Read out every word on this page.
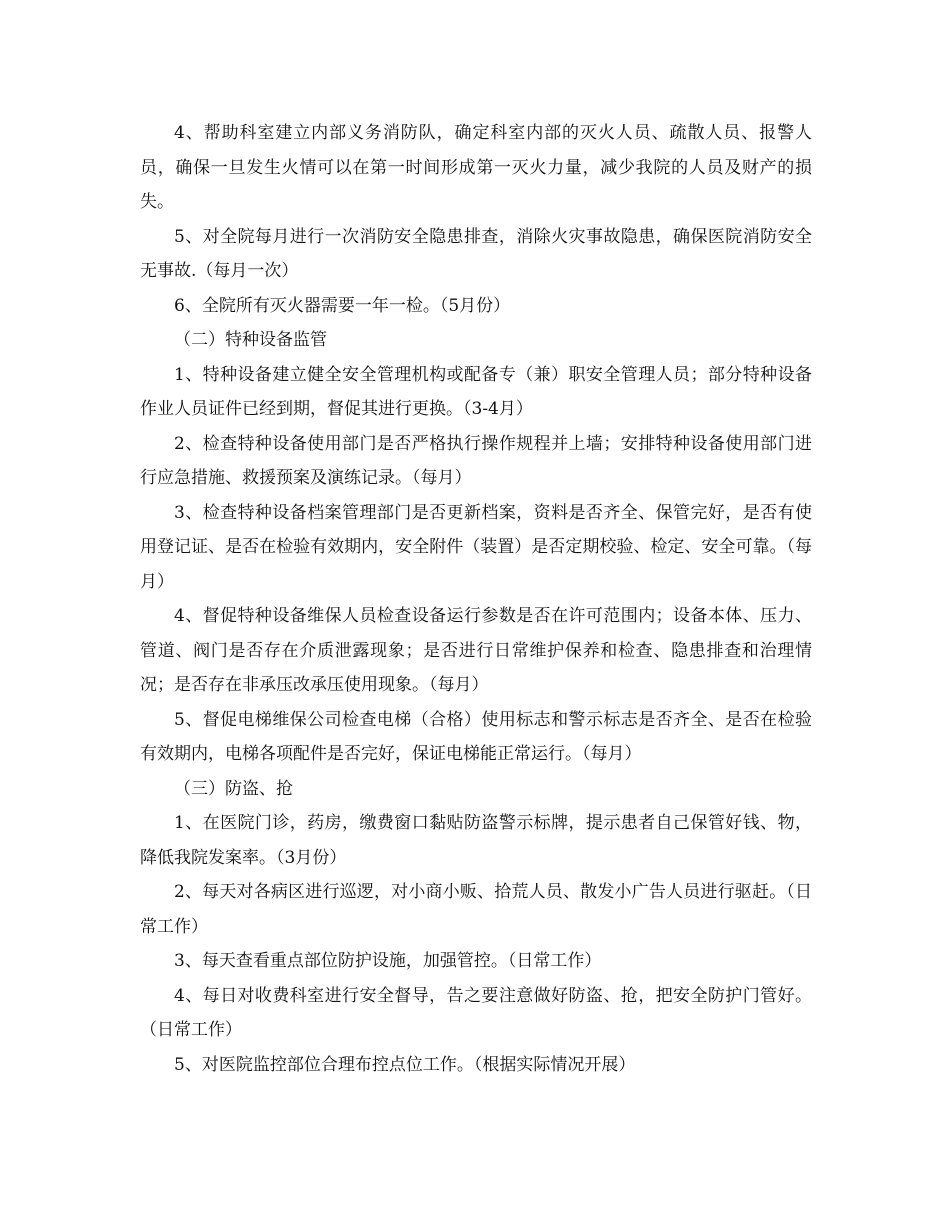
4、帮助科室建立内部义务消防队，确定科室内部的灭火人员、疏散人员、报警人员，确保一旦发生火情可以在第一时间形成第一灭火力量，减少我院的人员及财产的损失。

5、对全院每月进行一次消防安全隐患排查，消除火灾事故隐患，确保医院消防安全无事故.（每月一次）

6、全院所有灭火器需要一年一检。（5月份）

（二）特种设备监管

1、特种设备建立健全安全管理机构或配备专（兼）职安全管理人员；部分特种设备作业人员证件已经到期，督促其进行更换。（3-4月）

2、检查特种设备使用部门是否严格执行操作规程并上墙；安排特种设备使用部门进行应急措施、救援预案及演练记录。（每月）

3、检查特种设备档案管理部门是否更新档案，资料是否齐全、保管完好，是否有使用登记证、是否在检验有效期内，安全附件（装置）是否定期校验、检定、安全可靠。（每月）

4、督促特种设备维保人员检查设备运行参数是否在许可范围内；设备本体、压力、管道、阀门是否存在介质泄露现象；是否进行日常维护保养和检查、隐患排查和治理情况；是否存在非承压改承压使用现象。（每月）

5、督促电梯维保公司检查电梯（合格）使用标志和警示标志是否齐全、是否在检验有效期内，电梯各项配件是否完好，保证电梯能正常运行。（每月）

（三）防盗、抢

1、在医院门诊，药房，缴费窗口黏贴防盗警示标牌，提示患者自己保管好钱、物，降低我院发案率。（3月份）

2、每天对各病区进行巡逻，对小商小贩、拾荒人员、散发小广告人员进行驱赶。（日常工作）

3、每天查看重点部位防护设施，加强管控。（日常工作）

4、每日对收费科室进行安全督导，告之要注意做好防盗、抢，把安全防护门管好。（日常工作）

5、对医院监控部位合理布控点位工作。（根据实际情况开展）
